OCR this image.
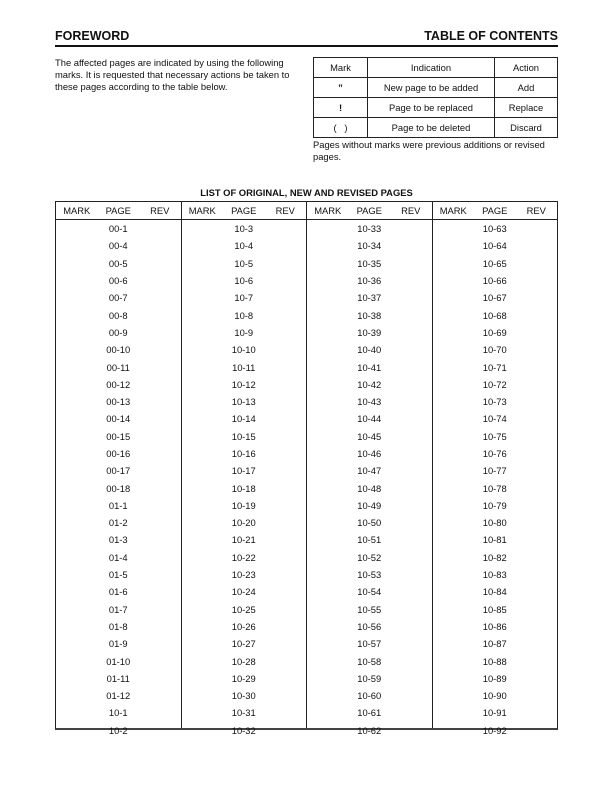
FOREWORD	TABLE OF CONTENTS
The affected pages are indicated by using the following marks. It is requested that necessary actions be taken to these pages according to the table below.
Mark	Indication	Action
”	New page to be added	Add
!	Page to be replaced	Replace
(   )	Page to be deleted	Discard
Pages without marks were previous additions or revised pages.
LIST OF ORIGINAL, NEW AND REVISED PAGES
MARK	PAGE	REV
00-1
00-4
00-5
00-6
00-7
00-8
00-9
00-10
00-11
00-12
00-13
00-14
00-15
00-16
00-17
00-18
01-1
01-2
01-3
01-4
01-5
01-6
01-7
01-8
01-9
01-10
01-11
01-12
10-1
10-2
MARK	PAGE	REV
10-3
10-4
10-5
10-6
10-7
10-8
10-9
10-10
10-11
10-12
10-13
10-14
10-15
10-16
10-17
10-18
10-19
10-20
10-21
10-22
10-23
10-24
10-25
10-26
10-27
10-28
10-29
10-30
10-31
10-32
MARK	PAGE	REV
10-33
10-34
10-35
10-36
10-37
10-38
10-39
10-40
10-41
10-42
10-43
10-44
10-45
10-46
10-47
10-48
10-49
10-50
10-51
10-52
10-53
10-54
10-55
10-56
10-57
10-58
10-59
10-60
10-61
10-62
MARK	PAGE	REV
10-63
10-64
10-65
10-66
10-67
10-68
10-69
10-70
10-71
10-72
10-73
10-74
10-75
10-76
10-77
10-78
10-79
10-80
10-81
10-82
10-83
10-84
10-85
10-86
10-87
10-88
10-89
10-90
10-91
10-92
